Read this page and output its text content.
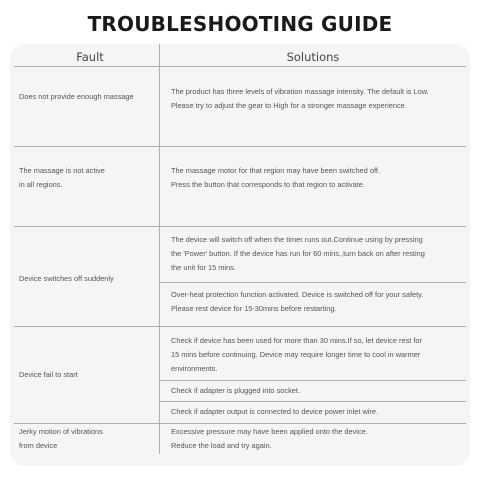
TROUBLESHOOTING GUIDE
Fault	Solutions
Does not provide enough massage
The product has three levels of vibration massage intensity. The default is Low.
Please try to adjust the gear to High for a stronger massage experience.
The massage is not active
in all regions.
The massage motor for that region may have been switched off.
Press the button that corresponds to that region to activate.
Device switches off suddenly
The device will switch off when the timer runs out.Continue using by pressing
the 'Power' button. If the device has run for 60 mins.,turn back on after resting
the unit for 15 mins.
Over-heat protection function activated. Device is switched off for your safety.
Please rest device for 15-30mins before restarting.
Device fail to start
Check if device has been used for more than 30 mins.If so, let device rest for
15 mins before continuing. Device may require longer time to cool in warmer
environments.
Check if adapter is plugged into socket.
Check if adapter output is connected to device power inlet wire.
Jerky motion of vibrations
from device
Excessive pressure may have been applied onto the device.
Reduce the load and try again.
